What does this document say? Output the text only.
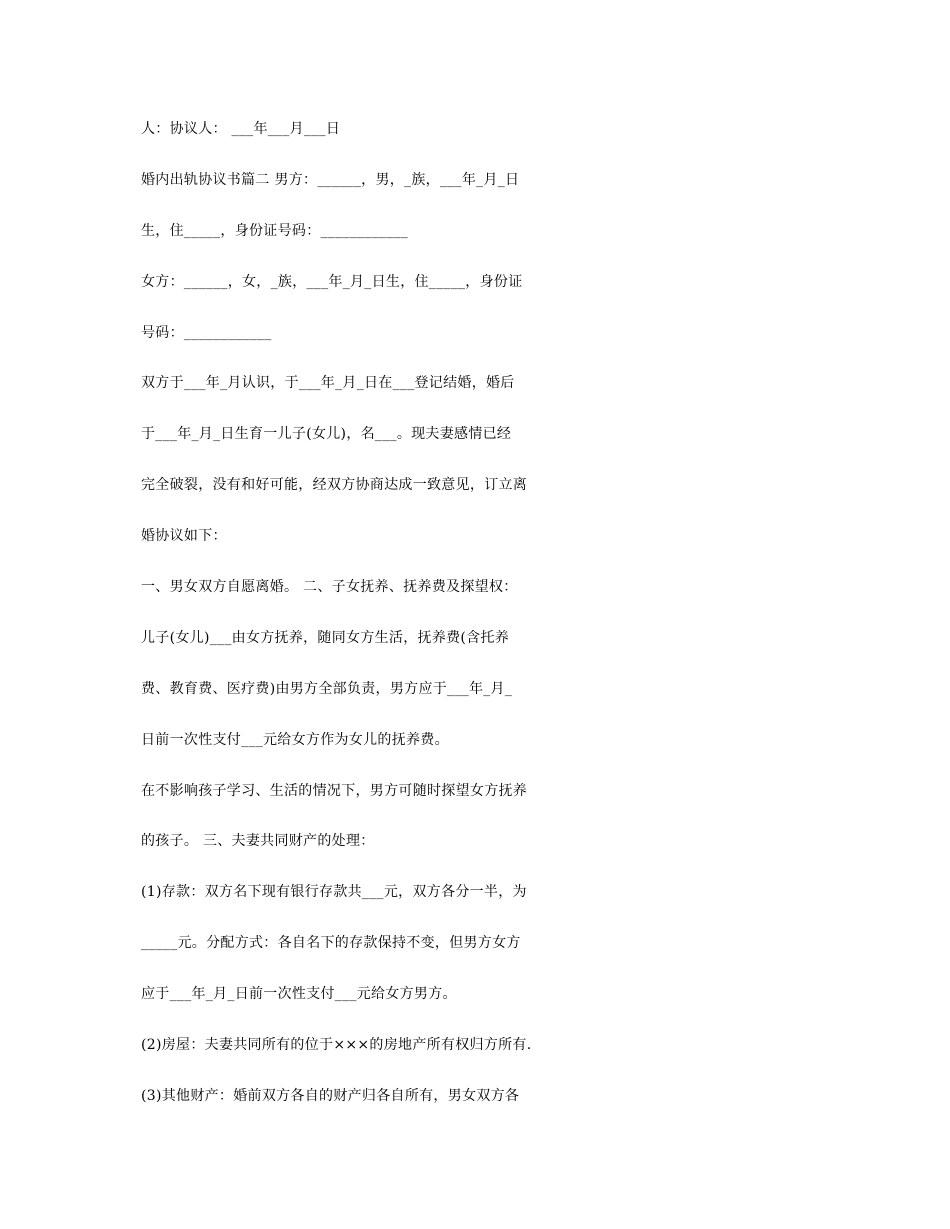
人：协议人： ___年___月___日
婚内出轨协议书篇二 男方：______，男，_族，___年_月_日
生，住_____，身份证号码：____________
女方：______，女，_族，___年_月_日生，住_____，身份证
号码：____________
双方于___年_月认识，于___年_月_日在___登记结婚，婚后
于___年_月_日生育一儿子(女儿)，名___。现夫妻感情已经
完全破裂，没有和好可能，经双方协商达成一致意见，订立离
婚协议如下：
一、男女双方自愿离婚。 二、子女抚养、抚养费及探望权：
儿子(女儿)___由女方抚养，随同女方生活，抚养费(含托养
费、教育费、医疗费)由男方全部负责，男方应于___年_月_
日前一次性支付___元给女方作为女儿的抚养费。
在不影响孩子学习、生活的情况下，男方可随时探望女方抚养
的孩子。 三、夫妻共同财产的处理：
(1)存款：双方名下现有银行存款共___元，双方各分一半，为
_____元。分配方式：各自名下的存款保持不变，但男方女方
应于___年_月_日前一次性支付___元给女方男方。
(2)房屋：夫妻共同所有的位于×××的房地产所有权归方所有.
(3)其他财产：婚前双方各自的财产归各自所有，男女双方各
